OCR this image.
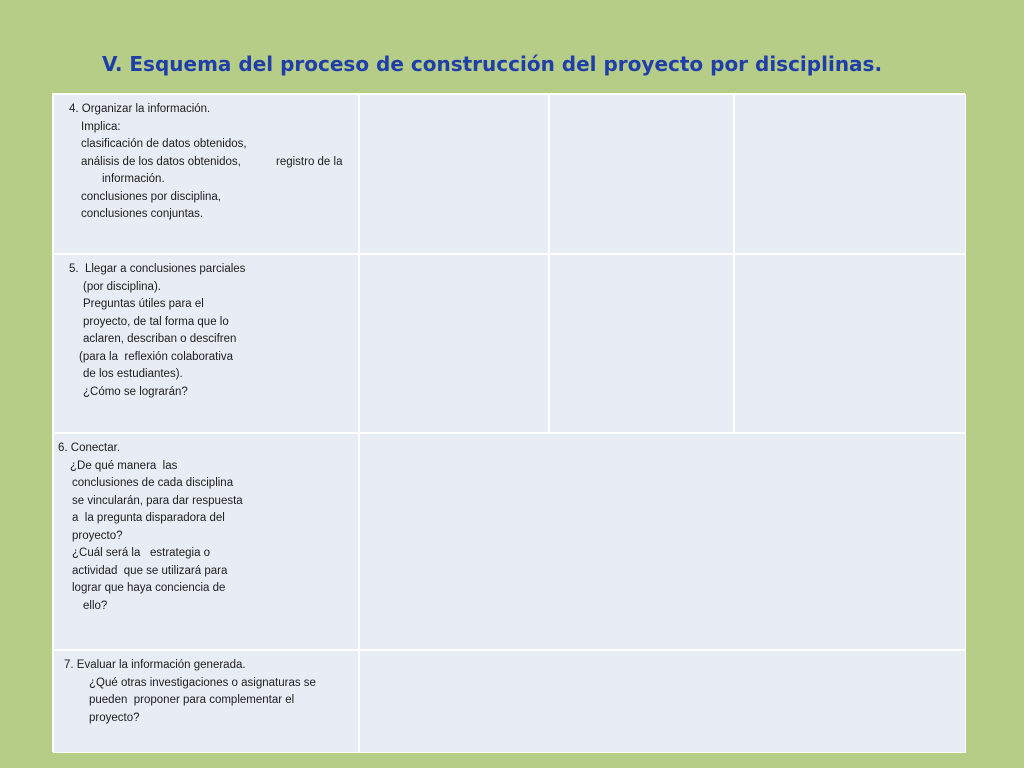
V. Esquema del proceso de construcción del proyecto por disciplinas.
4. Organizar la información.
Implica:
clasificación de datos obtenidos,
análisis de los datos obtenidos,	registro de la
información.
conclusiones por disciplina,
conclusiones conjuntas.
5.  Llegar a conclusiones parciales
(por disciplina).
Preguntas útiles para el
proyecto, de tal forma que lo
aclaren, describan o descifren
(para la  reflexión colaborativa
de los estudiantes).
¿Cómo se lograrán?
6. Conectar.
¿De qué manera  las
conclusiones de cada disciplina
se vincularán, para dar respuesta
a  la pregunta disparadora del
proyecto?
¿Cuál será la   estrategia o
actividad  que se utilizará para
lograr que haya conciencia de
ello?
7. Evaluar la información generada.
¿Qué otras investigaciones o asignaturas se
pueden  proponer para complementar el
proyecto?
